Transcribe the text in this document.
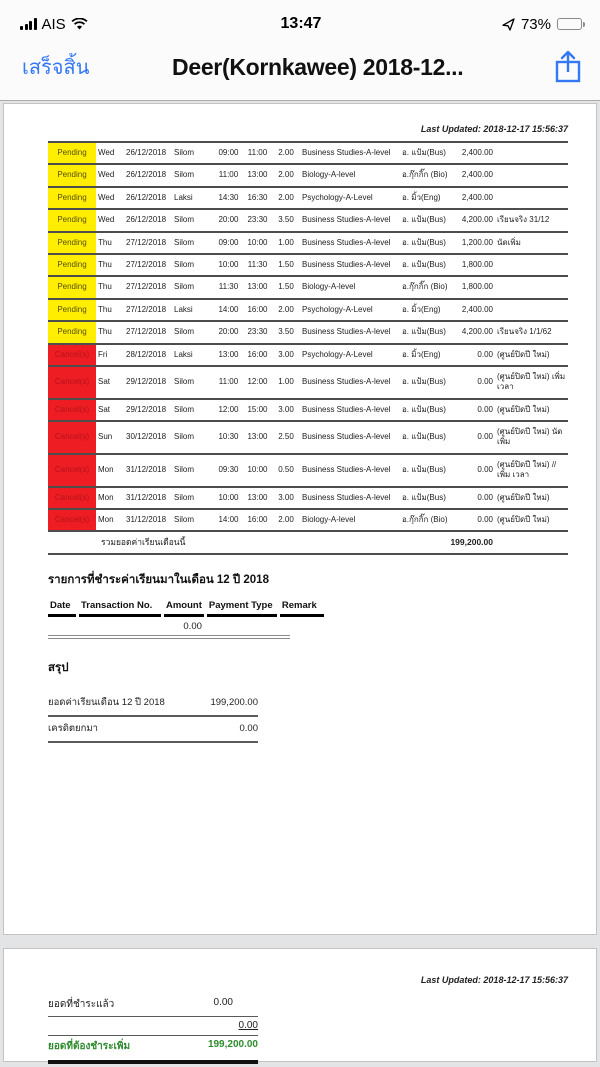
AIS	13:47	73%
เสร็จสิ้น	Deer(Kornkawee) 2018-12...
Last Updated: 2018-12-17 15:56:37
Pending	Wed	26/12/2018	Silom	09:00	11:00	2.00	Business Studies-A-level	อ. แป้ม(Bus)	2,400.00	
Pending	Wed	26/12/2018	Silom	11:00	13:00	2.00	Biology-A-level	อ.กุ๊กกิ๊ก (Bio)	2,400.00	
Pending	Wed	26/12/2018	Laksi	14:30	16:30	2.00	Psychology-A-Level	อ. มิ้ว(Eng)	2,400.00	
Pending	Wed	26/12/2018	Silom	20:00	23:30	3.50	Business Studies-A-level	อ. แป้ม(Bus)	4,200.00	เรียนจริง 31/12
Pending	Thu	27/12/2018	Silom	09:00	10:00	1.00	Business Studies-A-level	อ. แป้ม(Bus)	1,200.00	นัดเพิ่ม
Pending	Thu	27/12/2018	Silom	10:00	11:30	1.50	Business Studies-A-level	อ. แป้ม(Bus)	1,800.00	
Pending	Thu	27/12/2018	Silom	11:30	13:00	1.50	Biology-A-level	อ.กุ๊กกิ๊ก (Bio)	1,800.00	
Pending	Thu	27/12/2018	Laksi	14:00	16:00	2.00	Psychology-A-Level	อ. มิ้ว(Eng)	2,400.00	
Pending	Thu	27/12/2018	Silom	20:00	23:30	3.50	Business Studies-A-level	อ. แป้ม(Bus)	4,200.00	เรียนจริง 1/1/62
Cancel(s)	Fri	28/12/2018	Laksi	13:00	16:00	3.00	Psychology-A-Level	อ. มิ้ว(Eng)	0.00	(ศูนย์ปิดปี ใหม่)
Cancel(s)	Sat	29/12/2018	Silom	11:00	12:00	1.00	Business Studies-A-level	อ. แป้ม(Bus)	0.00	(ศูนย์ปิดปี ใหม่) เพิ่ม เวลา
Cancel(s)	Sat	29/12/2018	Silom	12:00	15:00	3.00	Business Studies-A-level	อ. แป้ม(Bus)	0.00	(ศูนย์ปิดปี ใหม่)
Cancel(s)	Sun	30/12/2018	Silom	10:30	13:00	2.50	Business Studies-A-level	อ. แป้ม(Bus)	0.00	(ศูนย์ปิดปี ใหม่) นัด เพิ่ม
Cancel(s)	Mon	31/12/2018	Silom	09:30	10:00	0.50	Business Studies-A-level	อ. แป้ม(Bus)	0.00	(ศูนย์ปิดปี ใหม่) //เพิ่ม เวลา
Cancel(s)	Mon	31/12/2018	Silom	10:00	13:00	3.00	Business Studies-A-level	อ. แป้ม(Bus)	0.00	(ศูนย์ปิดปี ใหม่)
Cancel(s)	Mon	31/12/2018	Silom	14:00	16:00	2.00	Biology-A-level	อ.กุ๊กกิ๊ก (Bio)	0.00	(ศูนย์ปิดปี ใหม่)
	รวมยอดค่าเรียนเดือนนี้						199,200.00			
รายการที่ชำระค่าเรียนมาในเดือน 12 ปี 2018
Date	Transaction No.	Amount	Payment Type	Remark
		0.00		
สรุป
ยอดค่าเรียนเดือน 12 ปี 2018	199,200.00
เครดิตยกมา	0.00
Last Updated: 2018-12-17 15:56:37
ยอดที่ชำระแล้ว	0.00
0.00
ยอดที่ต้องชำระเพิ่ม	199,200.00
